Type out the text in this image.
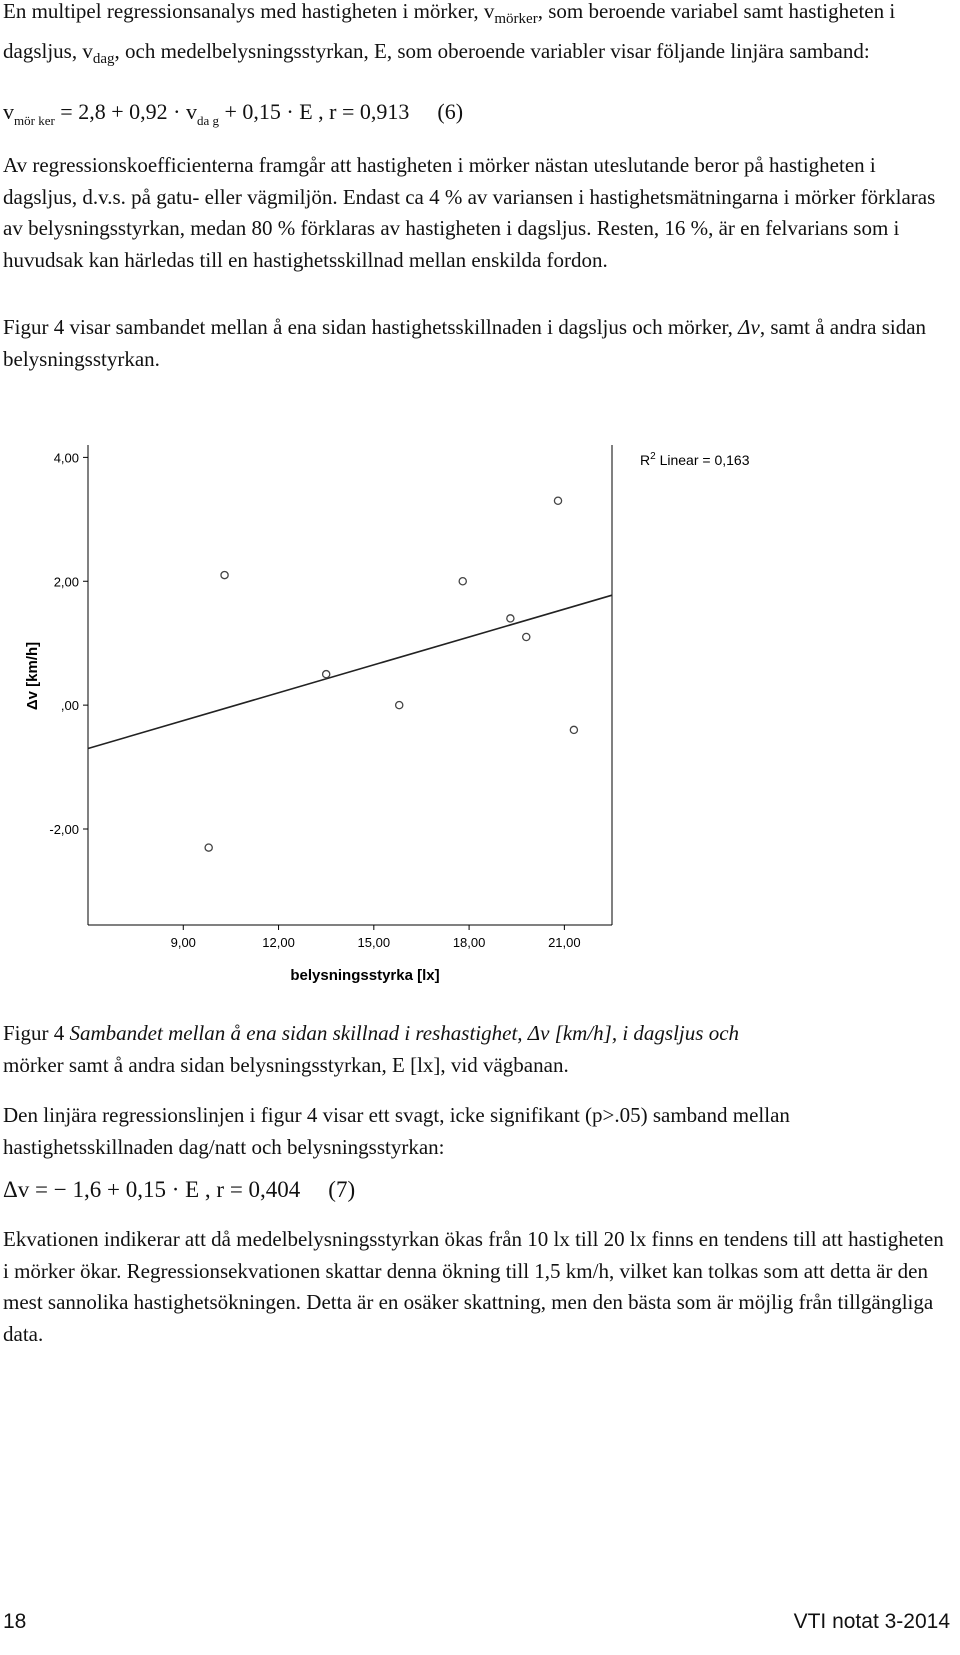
En multipel regressionsanalys med hastigheten i mörker, $v_{mörker}$, som beroende variabel samt hastigheten i dagsljus, $v_{dag}$, och medelbelysningsstyrkan, E, som oberoende variabler visar följande linjära samband:

$v_{mör ker} = 2,8 + 0,92 \cdot v_{da g} + 0,15 \cdot E$ , r = 0,913 (6)

Av regressionskoefficienterna framgår att hastigheten i mörker nästan uteslutande beror på hastigheten i dagsljus, d.v.s. på gatu- eller vägmiljön. Endast ca 4 % av variansen i hastighetsmätningarna i mörker förklaras av belysningsstyrkan, medan 80 % förklaras av hastigheten i dagsljus. Resten, 16 %, är en felvarians som i huvudsak kan härledas till en hastighetsskillnad mellan enskilda fordon.

Figur 4 visar sambandet mellan å ena sidan hastighetsskillnaden i dagsljus och mörker, Δv, samt å andra sidan belysningsstyrkan.

4,00
2,00
,00
-2,00
9,00	12,00	15,00	18,00	21,00
$R^2$ Linear = 0,163
belysningsstyrka [lx]
Δv [km/h]

Figur 4 Sambandet mellan å ena sidan skillnad i reshastighet, Δv [km/h], i dagsljus och
mörker samt å andra sidan belysningsstyrkan, E [lx], vid vägbanan.

Den linjära regressionslinjen i figur 4 visar ett svagt, icke signifikant (p>.05) samband mellan hastighetsskillnaden dag/natt och belysningsstyrkan:

Δv = − 1,6 + 0,15 · E , r = 0,404 (7)

Ekvationen indikerar att då medelbelysningsstyrkan ökas från 10 lx till 20 lx finns en tendens till att hastigheten i mörker ökar. Regressionsekvationen skattar denna ökning till 1,5 km/h, vilket kan tolkas som att detta är den mest sannolika hastighetsökningen. Detta är en osäker skattning, men den bästa som är möjlig från tillgängliga data.

18	VTI notat 3-2014
